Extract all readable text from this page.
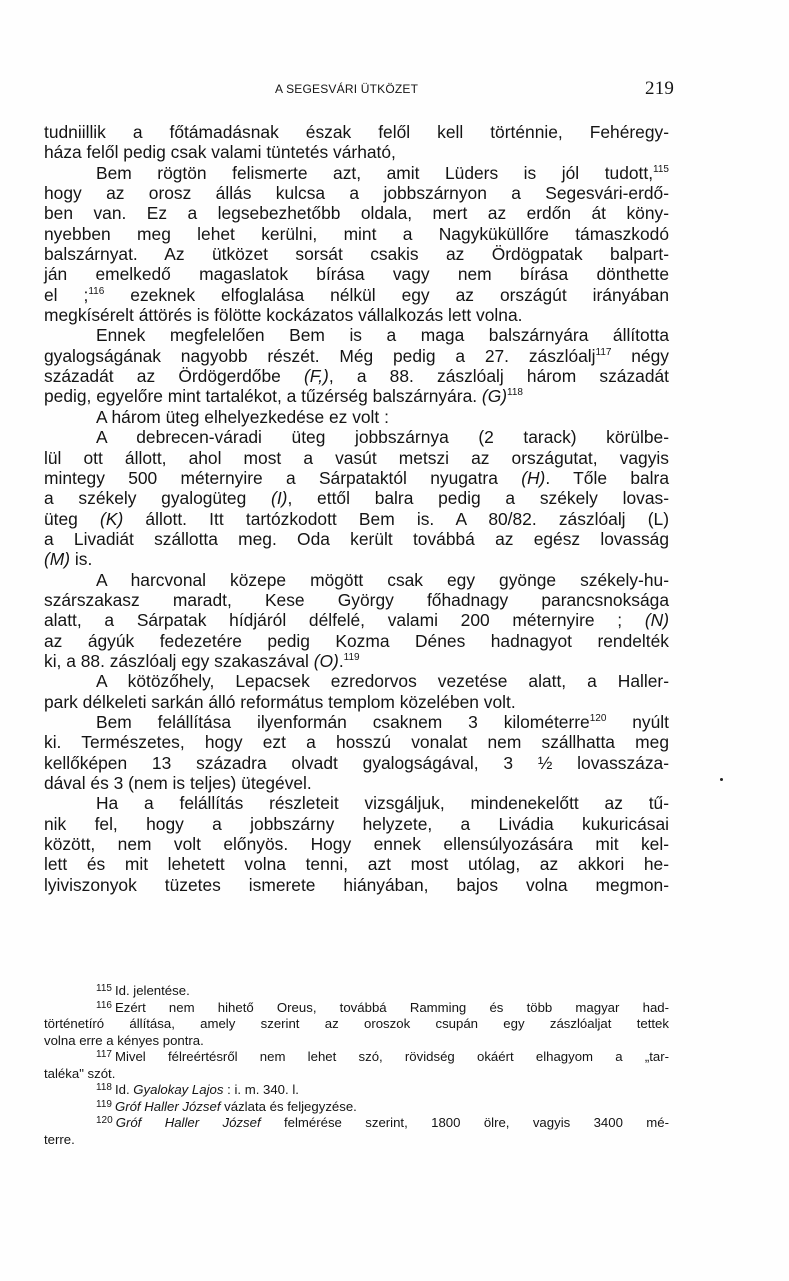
A SEGESVÁRI ÜTKÖZET	219
tudniillik a főtámadásnak észak felől kell történnie, Fehéregy-
háza felől pedig csak valami tüntetés várható,
Bem rögtön felismerte azt, amit Lüders is jól tudott,$^{115}$
hogy az orosz állás kulcsa a jobbszárnyon a Segesvári-erdő-
ben van. Ez a legsebezhetőbb oldala, mert az erdőn át köny-
nyebben meg lehet kerülni, mint a Nagyküküllőre támaszkodó
balszárnyat. Az ütközet sorsát csakis az Ördögpatak balpart-
ján emelkedő magaslatok bírása vagy nem bírása dönthette
el ;$^{116}$ ezeknek elfoglalása nélkül egy az országút irányában
megkísérelt áttörés is fölötte kockázatos vállalkozás lett volna.
Ennek megfelelően Bem is a maga balszárnyára állította
gyalogságának nagyobb részét. Még pedig a 27. zászlóalj$^{117}$ négy
századát az Ördögerdőbe (F,), a 88. zászlóalj három századát
pedig, egyelőre mint tartalékot, a tűzérség balszárnyára. $(G)^{118}$
A három üteg elhelyezkedése ez volt :
A debrecen-váradi üteg jobbszárnya (2 tarack) körülbe-
lül ott állott, ahol most a vasút metszi az országutat, vagyis
mintegy 500 méternyire a Sárpataktól nyugatra (H). Tőle balra
a székely gyalogüteg (I), ettől balra pedig a székely lovas-
üteg (K) állott. Itt tartózkodott Bem is. A 80/82. zászlóalj (L)
a Livadiát szállotta meg. Oda került továbbá az egész lovasság
(M) is.
A harcvonal közepe mögött csak egy gyönge székely-hu-
szárszakasz maradt, Kese György főhadnagy parancsnoksága
alatt, a Sárpatak hídjáról délfelé, valami 200 méternyire ; (N)
az ágyúk fedezetére pedig Kozma Dénes hadnagyot rendelték
ki, a 88. zászlóalj egy szakaszával (O).$^{119}$
A kötözőhely, Lepacsek ezredorvos vezetése alatt, a Haller-
park délkeleti sarkán álló református templom közelében volt.
Bem felállítása ilyenformán csaknem 3 kilométerre$^{120}$ nyúlt
ki. Természetes, hogy ezt a hosszú vonalat nem szállhatta meg
kellőképen 13 századra olvadt gyalogságával, 3 ½ lovasszáza-
dával és 3 (nem is teljes) ütegével.
Ha a felállítás részleteit vizsgáljuk, mindenekelőtt az tű-
nik fel, hogy a jobbszárny helyzete, a Livádia kukuricásai
között, nem volt előnyös. Hogy ennek ellensúlyozására mit kel-
lett és mit lehetett volna tenni, azt most utólag, az akkori he-
lyiviszonyok tüzetes ismerete hiányában, bajos volna megmon-
$^{115}$ Id. jelentése.
$^{116}$ Ezért nem hihető Oreus, továbbá Ramming és több magyar had-
történetíró állítása, amely szerint az oroszok csupán egy zászlóaljat tettek
volna erre a kényes pontra.
$^{117}$ Mivel félreértésről nem lehet szó, rövidség okáért elhagyom a „tar-
taléka" szót.
$^{118}$ Id. Gyalokay Lajos : i. m. 340. l.
$^{119}$ Gróf Haller József vázlata és feljegyzése.
$^{120}$ Gróf Haller József felmérése szerint, 1800 ölre, vagyis 3400 mé-
terre.
